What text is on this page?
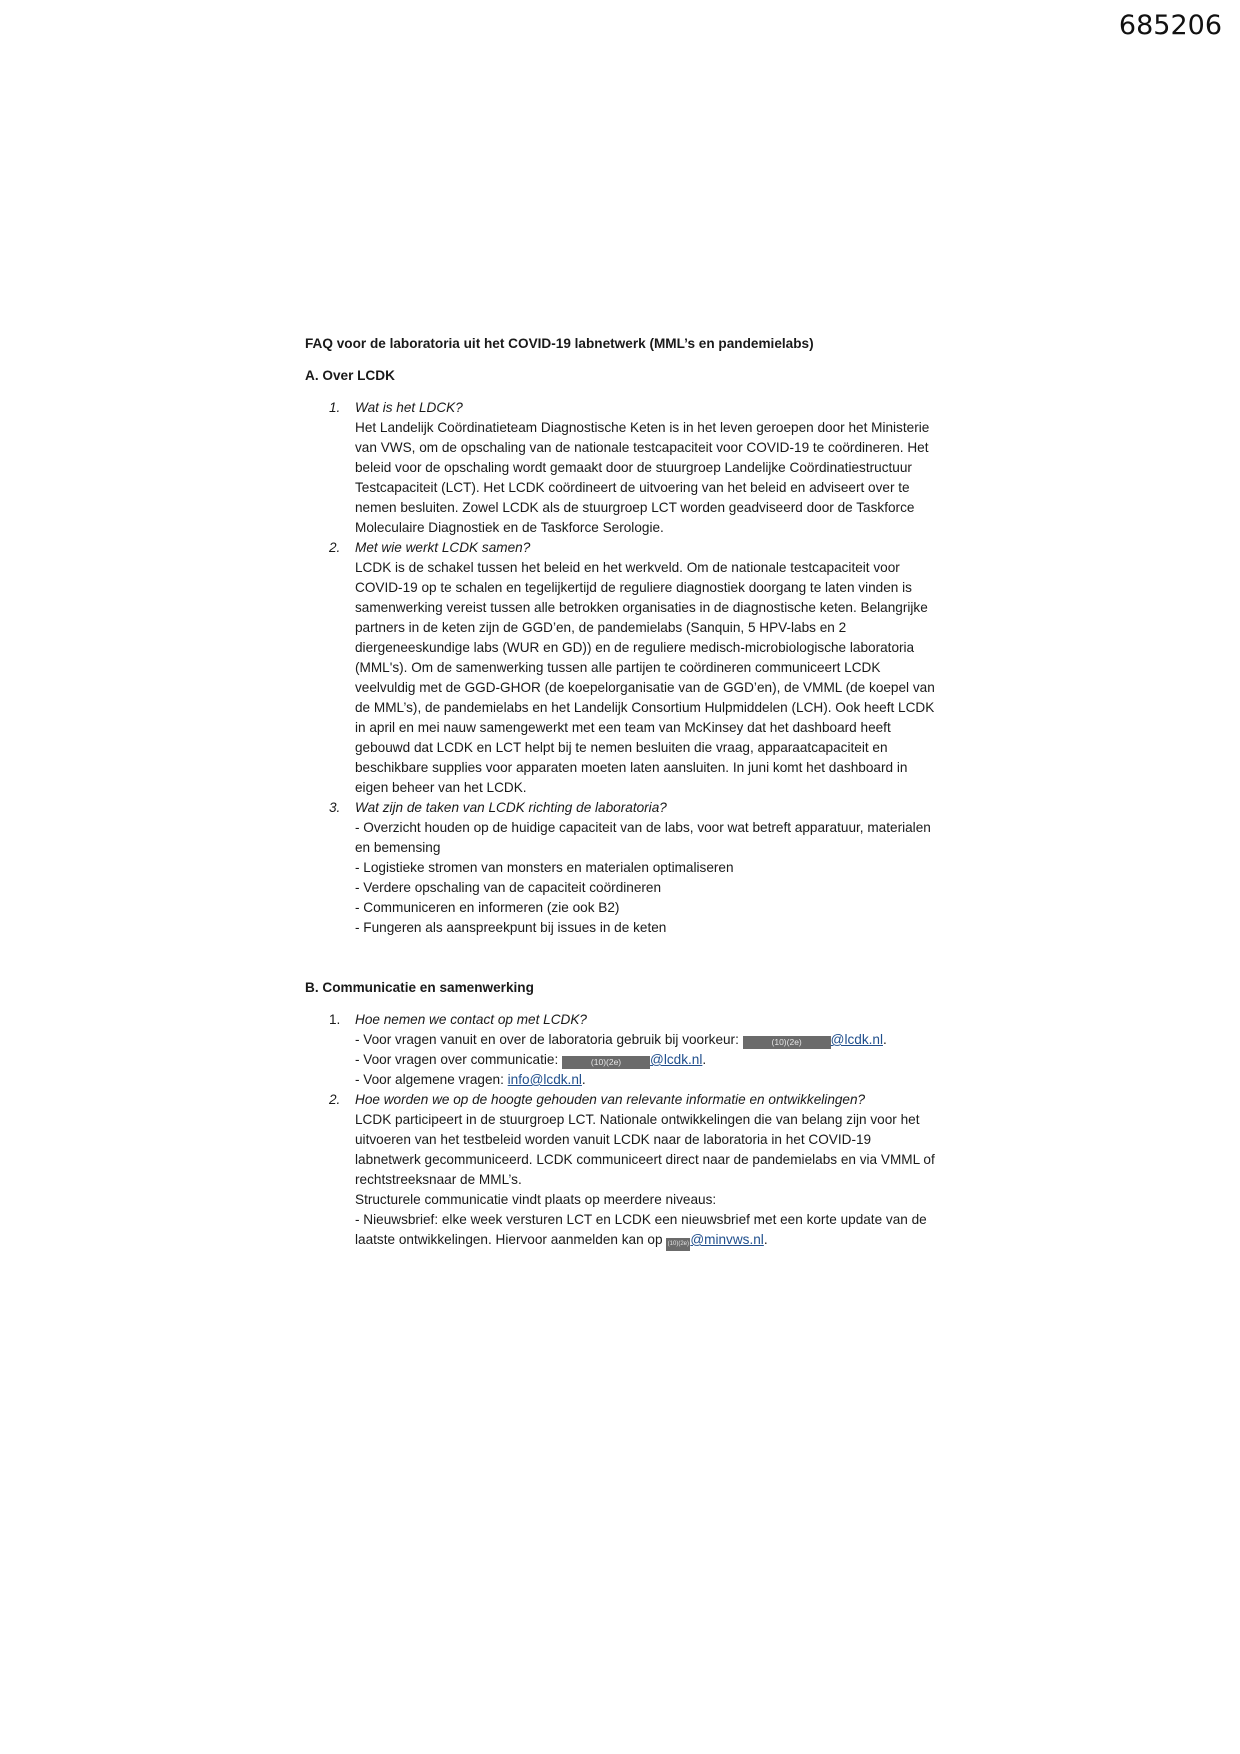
685206

FAQ voor de laboratoria uit het COVID-19 labnetwerk (MML’s en pandemielabs)

A. Over LCDK

1. Wat is het LDCK?

Het Landelijk Coördinatieteam Diagnostische Keten is in het leven geroepen door het Ministerie van VWS, om de opschaling van de nationale testcapaciteit voor COVID-19 te coördineren. Het beleid voor de opschaling wordt gemaakt door de stuurgroep Landelijke Coördinatiestructuur Testcapaciteit (LCT). Het LCDK coördineert de uitvoering van het beleid en adviseert over te nemen besluiten. Zowel LCDK als de stuurgroep LCT worden geadviseerd door de Taskforce Moleculaire Diagnostiek en de Taskforce Serologie.

2. Met wie werkt LCDK samen?

LCDK is de schakel tussen het beleid en het werkveld. Om de nationale testcapaciteit voor COVID-19 op te schalen en tegelijkertijd de reguliere diagnostiek doorgang te laten vinden is samenwerking vereist tussen alle betrokken organisaties in de diagnostische keten. Belangrijke partners in de keten zijn de GGD’en, de pandemielabs (Sanquin, 5 HPV-labs en 2 diergeneeskundige labs (WUR en GD)) en de reguliere medisch-microbiologische laboratoria (MML's). Om de samenwerking tussen alle partijen te coördineren communiceert LCDK veelvuldig met de GGD-GHOR (de koepelorganisatie van de GGD’en), de VMML (de koepel van de MML’s), de pandemielabs en het Landelijk Consortium Hulpmiddelen (LCH). Ook heeft LCDK in april en mei nauw samengewerkt met een team van McKinsey dat het dashboard heeft gebouwd dat LCDK en LCT helpt bij te nemen besluiten die vraag, apparaatcapaciteit en beschikbare supplies voor apparaten moeten laten aansluiten. In juni komt het dashboard in eigen beheer van het LCDK.

3. Wat zijn de taken van LCDK richting de laboratoria?
- Overzicht houden op de huidige capaciteit van de labs, voor wat betreft apparatuur, materialen en bemensing
- Logistieke stromen van monsters en materialen optimaliseren
- Verdere opschaling van de capaciteit coördineren
- Communiceren en informeren (zie ook B2)
- Fungeren als aanspreekpunt bij issues in de keten

B. Communicatie en samenwerking

1. Hoe nemen we contact op met LCDK?
- Voor vragen vanuit en over de laboratoria gebruik bij voorkeur:	(10)(2e) @lcdk.nl.
- Voor vragen over communicatie:	(10)(2e) @lcdk.nl.
- Voor algemene vragen: info@lcdk.nl.
2. Hoe worden we op de hoogte gehouden van relevante informatie en ontwikkelingen?

LCDK participeert in de stuurgroep LCT. Nationale ontwikkelingen die van belang zijn voor het uitvoeren van het testbeleid worden vanuit LCDK naar de laboratoria in het COVID-19 labnetwerk gecommuniceerd. LCDK communiceert direct naar de pandemielabs en via VMML of rechtstreeksnaar de MML’s.

Structurele communicatie vindt plaats op meerdere niveaus:

- Nieuwsbrief: elke week versturen LCT en LCDK een nieuwsbrief met een korte update van de laatste ontwikkelingen. Hiervoor aanmelden kan op (10)(2e)@minvws.nl.
